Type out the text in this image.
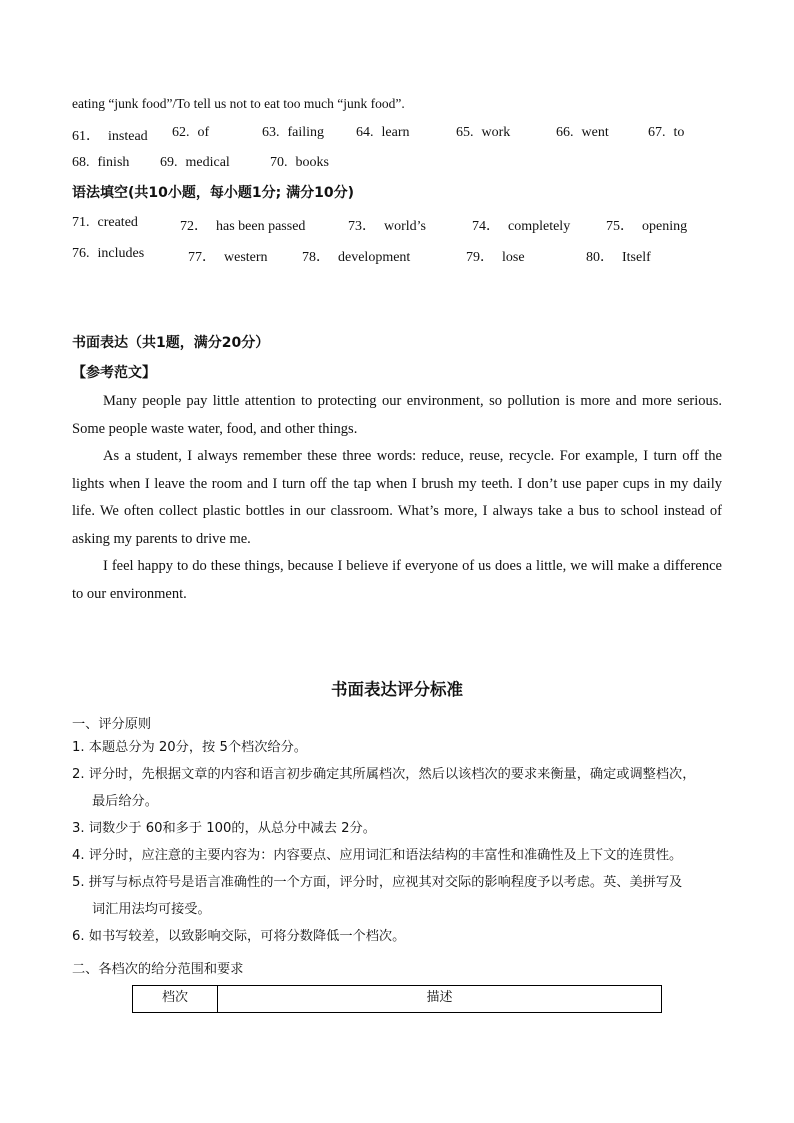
eating “junk food”/To tell us not to eat too much “junk food”.
61． instead 62. of	63. failing 64. learn	65. work	66. went	67. to
68. finish 69. medical	70. books
语法填空(共10小题，每小题1分; 满分10分)
71. created	72． has been passed	73． world’s	74． completely	75． opening
76. includes	77． western 78． development	79． lose	80． Itself
书面表达（共1题，满分20分）
【参考范文】
Many people pay little attention to protecting our environment, so pollution is more and more serious. Some people waste water, food, and other things.
As a student, I always remember these three words: reduce, reuse, recycle. For example, I turn off the lights when I leave the room and I turn off the tap when I brush my teeth. I don’t use paper cups in my daily life. We often collect plastic bottles in our classroom. What’s more, I always take a bus to school instead of asking my parents to drive me.
I feel happy to do these things, because I believe if everyone of us does a little, we will make a difference to our environment.
书面表达评分标准
一、评分原则
1. 本题总分为 20分，按 5个档次给分。
2. 评分时，先根据文章的内容和语言初步确定其所属档次，然后以该档次的要求来衡量，确定或调整档次，
最后给分。
3. 词数少于 60和多于 100的，从总分中减去 2分。
4. 评分时，应注意的主要内容为：内容要点、应用词汇和语法结构的丰富性和准确性及上下文的连贯性。
5. 拼写与标点符号是语言准确性的一个方面，评分时，应视其对交际的影响程度予以考虑。英、美拼写及
词汇用法均可接受。
6. 如书写较差，以致影响交际，可将分数降低一个档次。
二、各档次的给分范围和要求
档次	描述
